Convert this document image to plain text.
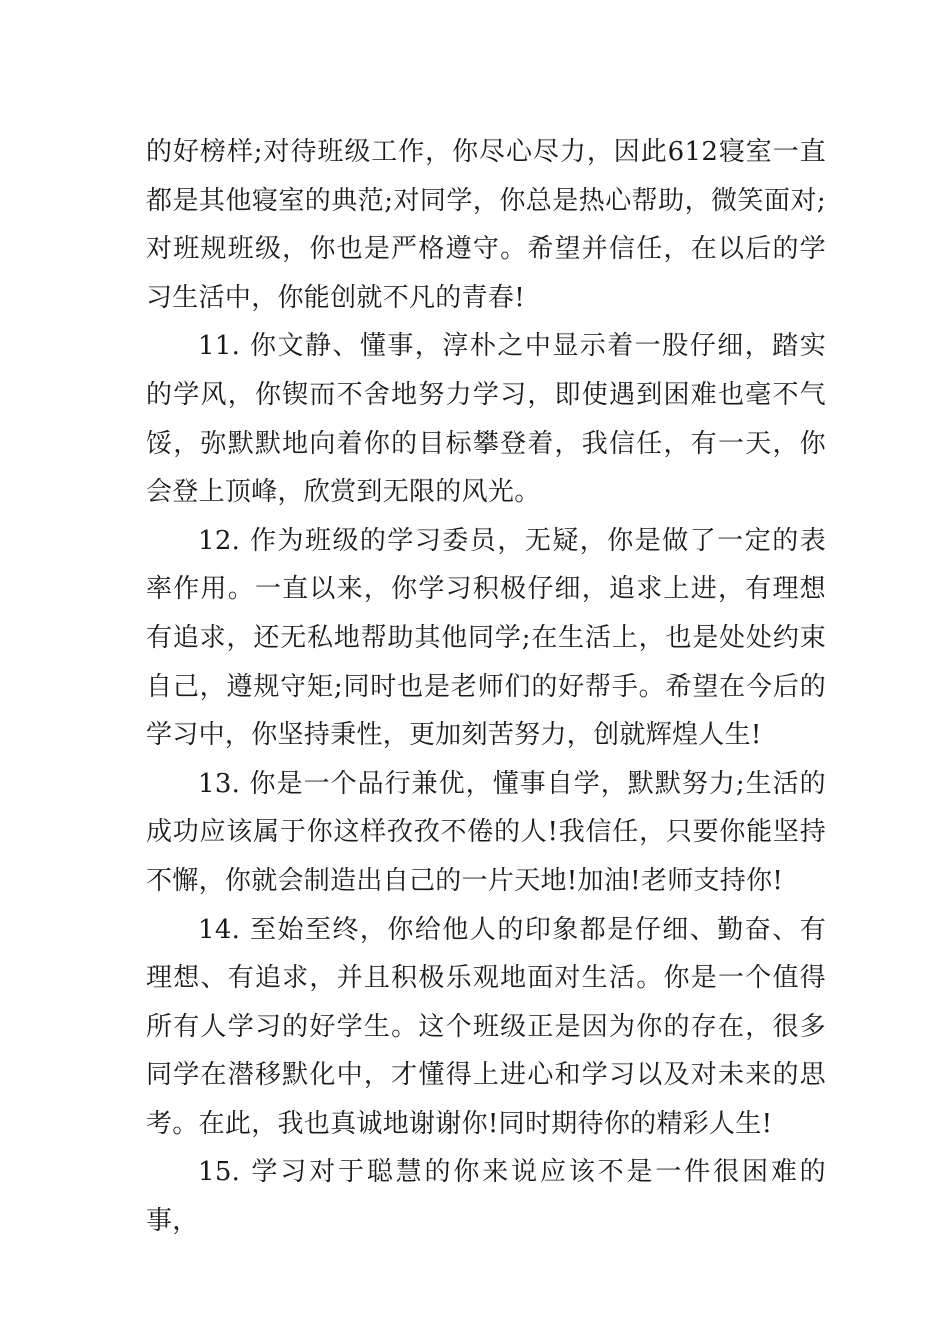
的好榜样;对待班级工作，你尽心尽力，因此612寝室一直都是其他寝室的典范;对同学，你总是热心帮助，微笑面对;对班规班级，你也是严格遵守。希望并信任，在以后的学习生活中，你能创就不凡的青春!

11. 你文静、懂事，淳朴之中显示着一股仔细，踏实的学风，你锲而不舍地努力学习，即使遇到困难也毫不气馁，弥默默地向着你的目标攀登着，我信任，有一天，你会登上顶峰，欣赏到无限的风光。

12. 作为班级的学习委员，无疑，你是做了一定的表率作用。一直以来，你学习积极仔细，追求上进，有理想有追求，还无私地帮助其他同学;在生活上，也是处处约束自己，遵规守矩;同时也是老师们的好帮手。希望在今后的学习中，你坚持秉性，更加刻苦努力，创就辉煌人生!

13. 你是一个品行兼优，懂事自学，默默努力;生活的成功应该属于你这样孜孜不倦的人!我信任，只要你能坚持不懈，你就会制造出自己的一片天地!加油!老师支持你!

14. 至始至终，你给他人的印象都是仔细、勤奋、有理想、有追求，并且积极乐观地面对生活。你是一个值得所有人学习的好学生。这个班级正是因为你的存在，很多同学在潜移默化中，才懂得上进心和学习以及对未来的思考。在此，我也真诚地谢谢你!同时期待你的精彩人生!

15. 学习对于聪慧的你来说应该不是一件很困难的事，
